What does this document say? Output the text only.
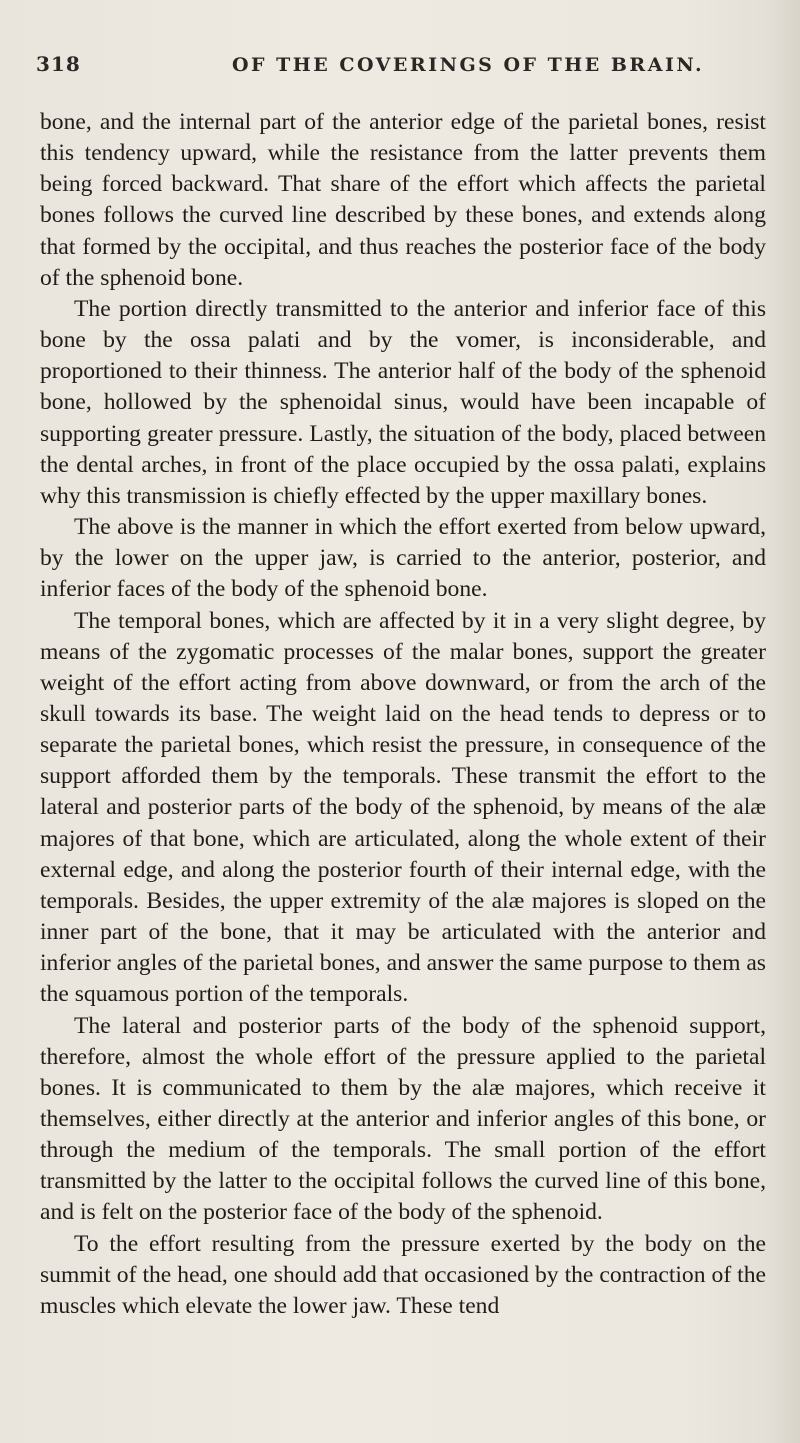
318	OF THE COVERINGS OF THE BRAIN.

bone, and the internal part of the anterior edge of the parietal bones, resist this tendency upward, while the resistance from the latter prevents them being forced backward. That share of the effort which affects the parietal bones follows the curved line described by these bones, and extends along that formed by the occipital, and thus reaches the posterior face of the body of the sphenoid bone.

The portion directly transmitted to the anterior and inferior face of this bone by the ossa palati and by the vomer, is inconsiderable, and proportioned to their thinness. The anterior half of the body of the sphenoid bone, hollowed by the sphenoidal sinus, would have been incapable of supporting greater pressure. Lastly, the situation of the body, placed between the dental arches, in front of the place occupied by the ossa palati, explains why this transmission is chiefly effected by the upper maxillary bones.

The above is the manner in which the effort exerted from below upward, by the lower on the upper jaw, is carried to the anterior, posterior, and inferior faces of the body of the sphenoid bone.

The temporal bones, which are affected by it in a very slight degree, by means of the zygomatic processes of the malar bones, support the greater weight of the effort acting from above downward, or from the arch of the skull towards its base. The weight laid on the head tends to depress or to separate the parietal bones, which resist the pressure, in consequence of the support afforded them by the temporals. These transmit the effort to the lateral and posterior parts of the body of the sphenoid, by means of the alæ majores of that bone, which are articulated, along the whole extent of their external edge, and along the posterior fourth of their internal edge, with the temporals. Besides, the upper extremity of the alæ majores is sloped on the inner part of the bone, that it may be articulated with the anterior and inferior angles of the parietal bones, and answer the same purpose to them as the squamous portion of the temporals.

The lateral and posterior parts of the body of the sphenoid support, therefore, almost the whole effort of the pressure applied to the parietal bones. It is communicated to them by the alæ majores, which receive it themselves, either directly at the anterior and inferior angles of this bone, or through the medium of the temporals. The small portion of the effort transmitted by the latter to the occipital follows the curved line of this bone, and is felt on the posterior face of the body of the sphenoid.

To the effort resulting from the pressure exerted by the body on the summit of the head, one should add that occasioned by the contraction of the muscles which elevate the lower jaw. These tend
